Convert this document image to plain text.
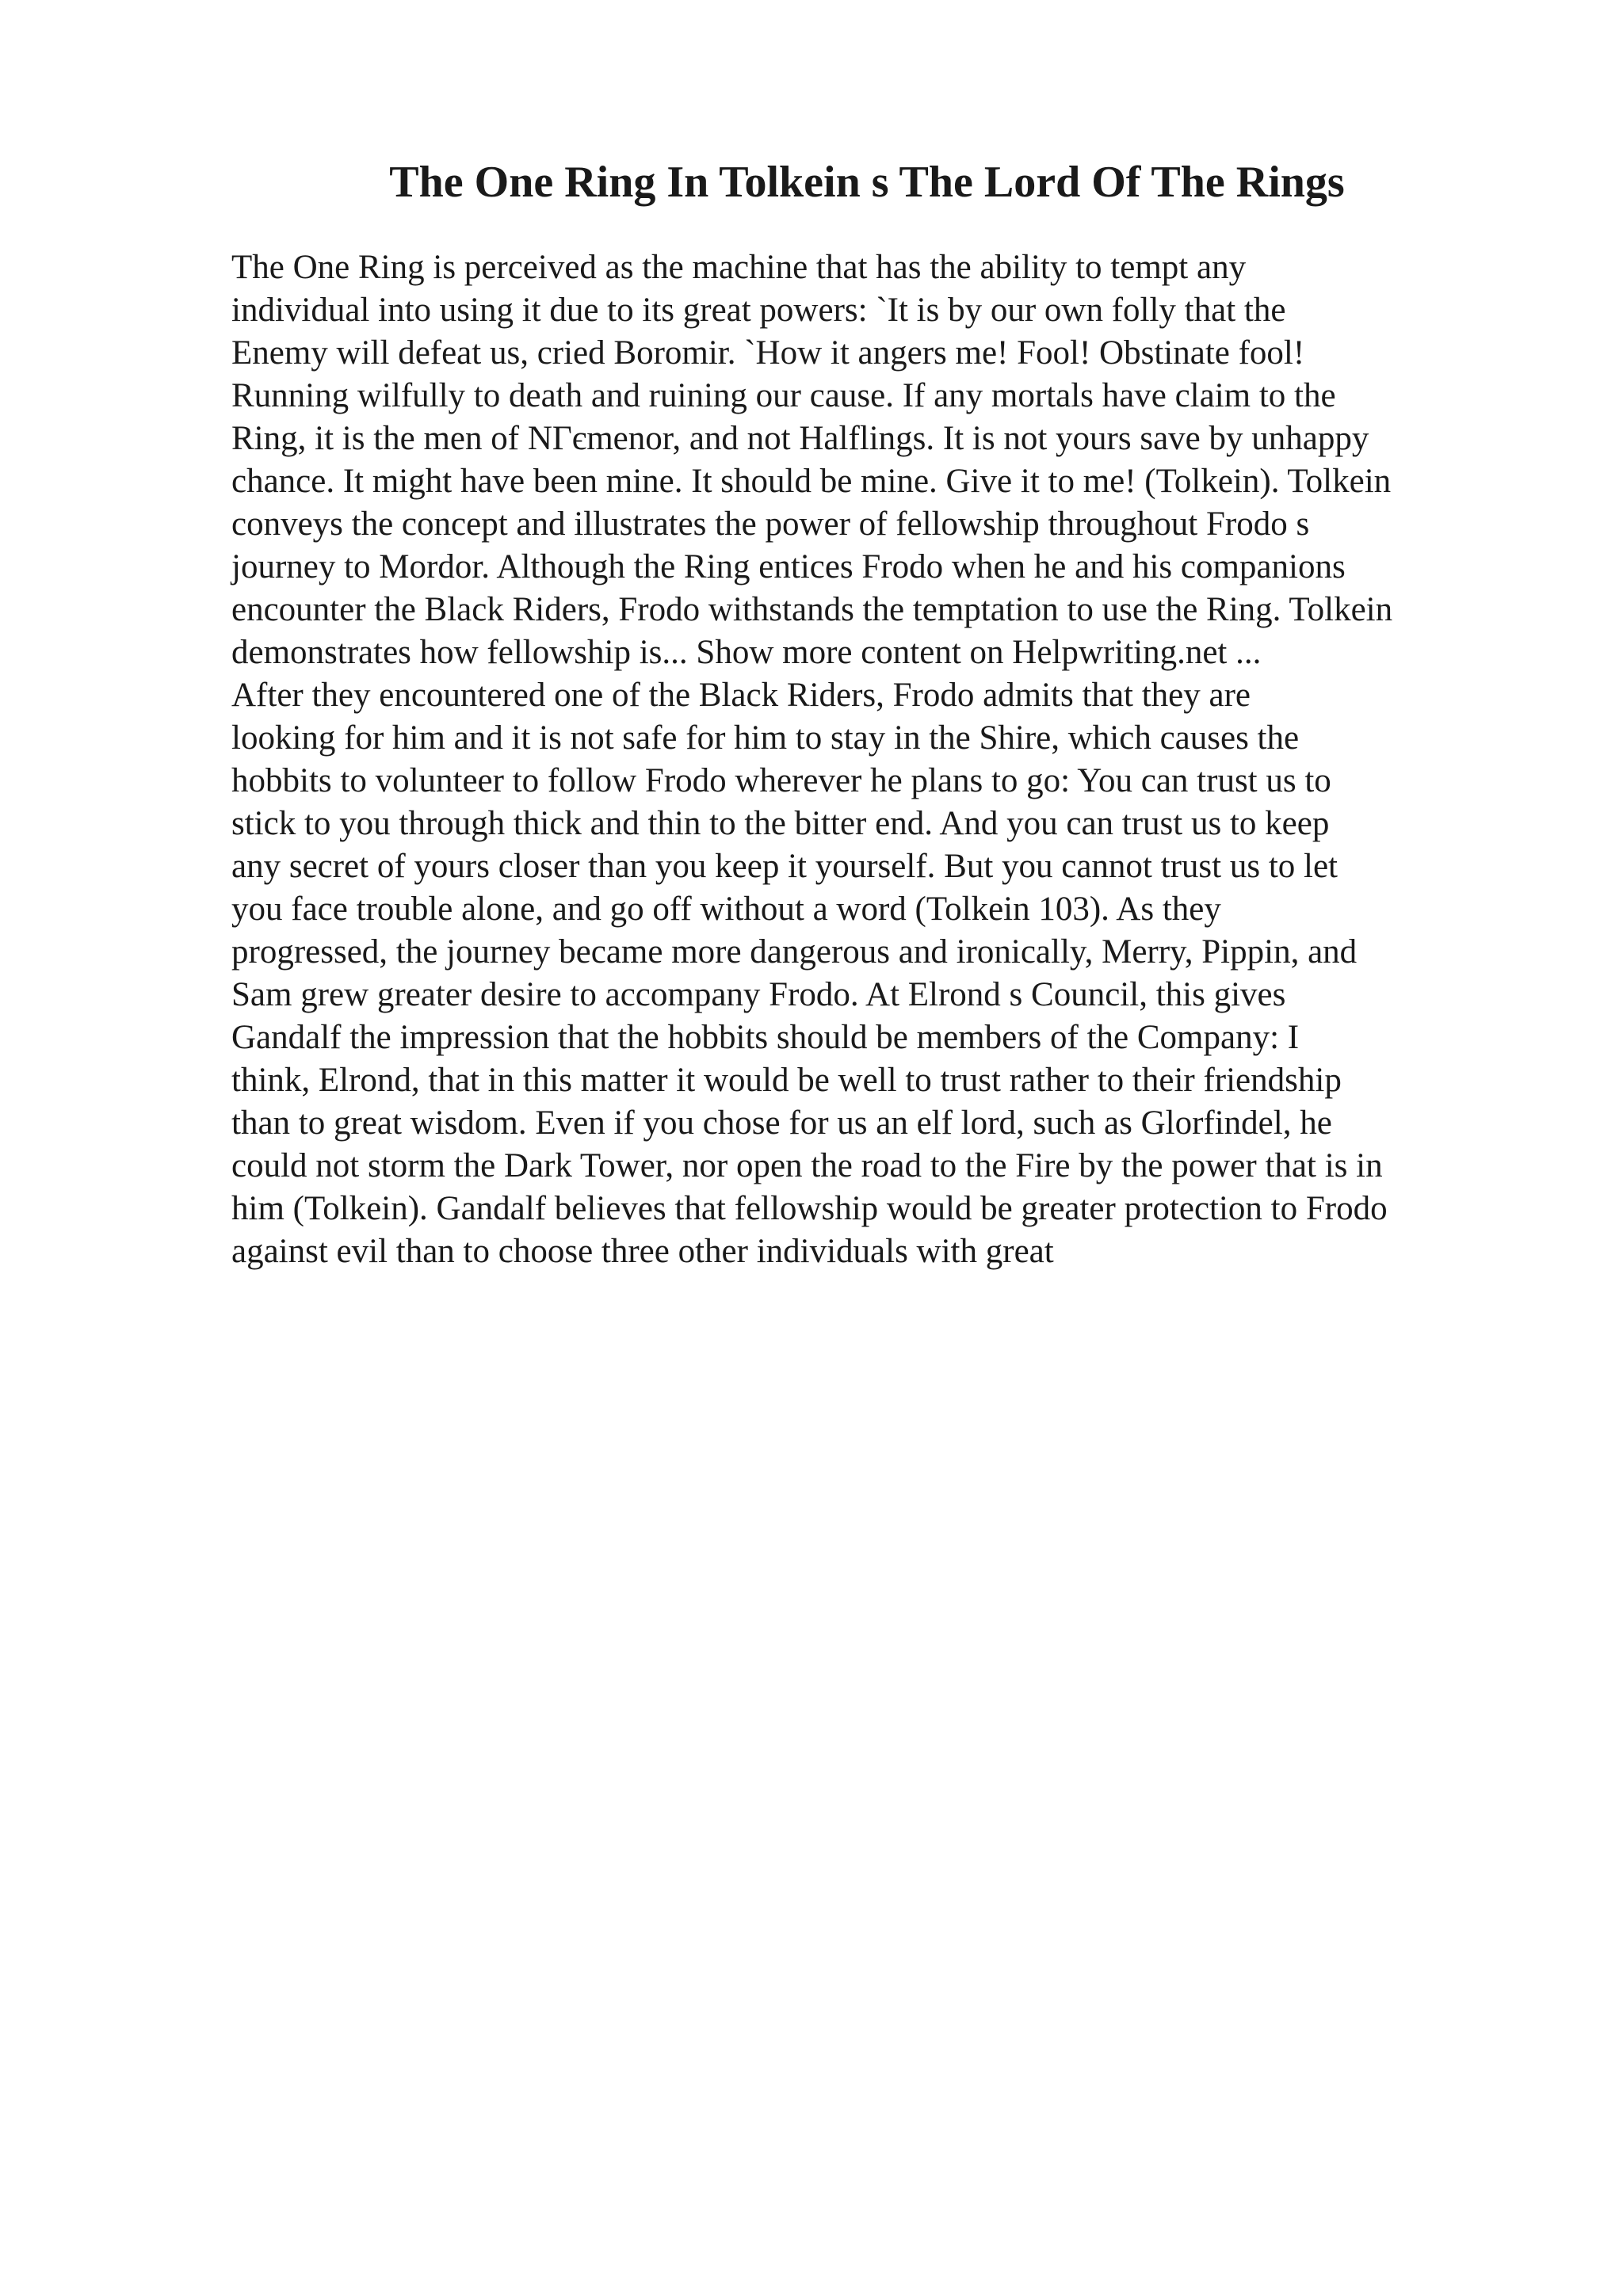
The One Ring In Tolkein s The Lord Of The Rings
The One Ring is perceived as the machine that has the ability to tempt any
individual into using it due to its great powers: `It is by our own folly that the
Enemy will defeat us, cried Boromir. `How it angers me! Fool! Obstinate fool!
Running wilfully to death and ruining our cause. If any mortals have claim to the
Ring, it is the men of NΓєmenor, and not Halflings. It is not yours save by unhappy
chance. It might have been mine. It should be mine. Give it to me! (Tolkein). Tolkein
conveys the concept and illustrates the power of fellowship throughout Frodo s
journey to Mordor. Although the Ring entices Frodo when he and his companions
encounter the Black Riders, Frodo withstands the temptation to use the Ring. Tolkein
demonstrates how fellowship is... Show more content on Helpwriting.net ...
After they encountered one of the Black Riders, Frodo admits that they are
looking for him and it is not safe for him to stay in the Shire, which causes the
hobbits to volunteer to follow Frodo wherever he plans to go: You can trust us to
stick to you through thick and thin to the bitter end. And you can trust us to keep
any secret of yours closer than you keep it yourself. But you cannot trust us to let
you face trouble alone, and go off without a word (Tolkein 103). As they
progressed, the journey became more dangerous and ironically, Merry, Pippin, and
Sam grew greater desire to accompany Frodo. At Elrond s Council, this gives
Gandalf the impression that the hobbits should be members of the Company: I
think, Elrond, that in this matter it would be well to trust rather to their friendship
than to great wisdom. Even if you chose for us an elf lord, such as Glorfindel, he
could not storm the Dark Tower, nor open the road to the Fire by the power that is in
him (Tolkein). Gandalf believes that fellowship would be greater protection to Frodo
against evil than to choose three other individuals with great
